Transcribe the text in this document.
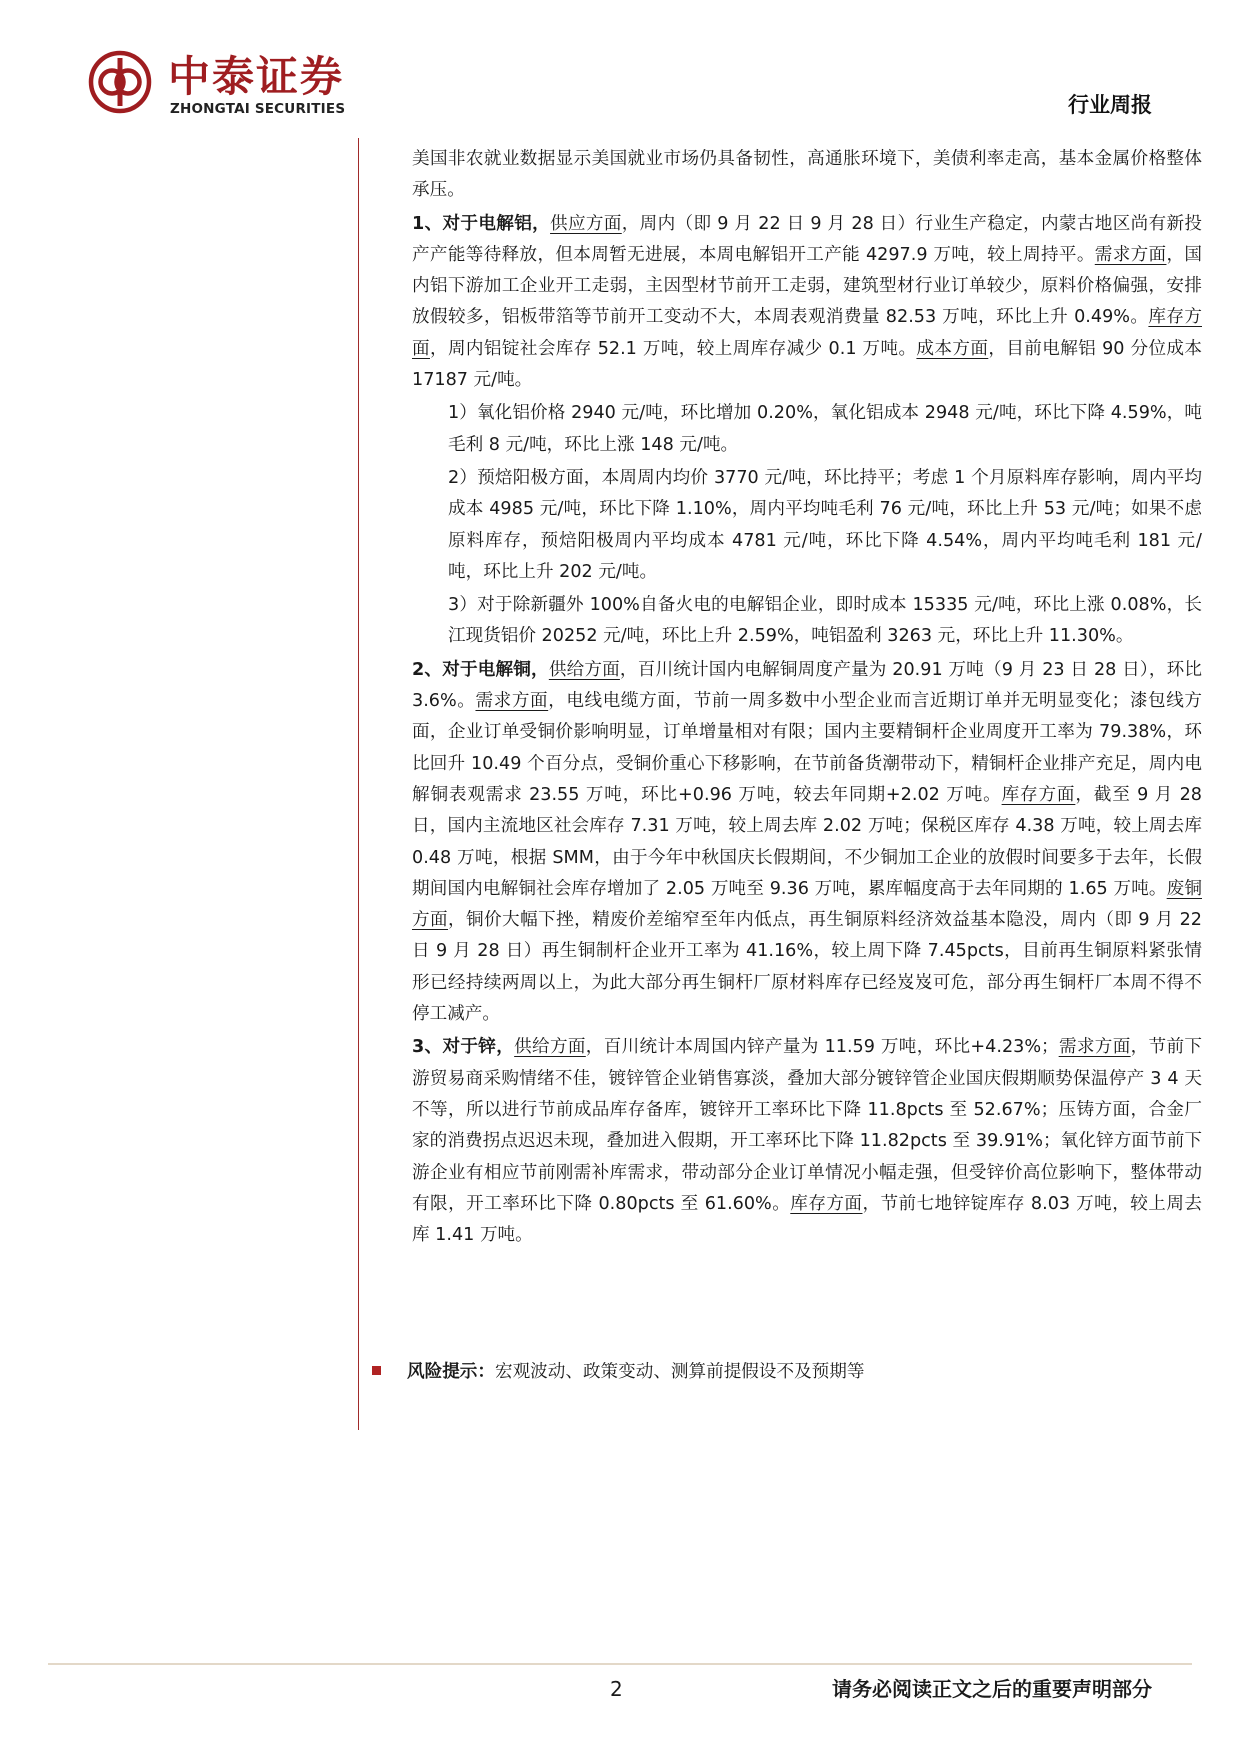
中泰证券
ZHONGTAI SECURITIES	行业周报

美国非农就业数据显示美国就业市场仍具备韧性，高通胀环境下，美债利率走高，基本金属价格整体承压。

1、对于电解铝，供应方面，周内（即 9 月 22 日 9 月 28 日）行业生产稳定，内蒙古地区尚有新投产产能等待释放，但本周暂无进展，本周电解铝开工产能 4297.9 万吨，较上周持平。需求方面，国内铝下游加工企业开工走弱，主因型材节前开工走弱，建筑型材行业订单较少，原料价格偏强，安排放假较多，铝板带箔等节前开工变动不大，本周表观消费量 82.53 万吨，环比上升 0.49%。库存方面，周内铝锭社会库存 52.1 万吨，较上周库存减少 0.1 万吨。成本方面，目前电解铝 90 分位成本 17187 元/吨。

1）氧化铝价格 2940 元/吨，环比增加 0.20%，氧化铝成本 2948 元/吨，环比下降 4.59%，吨毛利 8 元/吨，环比上涨 148 元/吨。

2）预焙阳极方面，本周周内均价 3770 元/吨，环比持平；考虑 1 个月原料库存影响，周内平均成本 4985 元/吨，环比下降 1.10%，周内平均吨毛利 76 元/吨，环比上升 53 元/吨；如果不虑原料库存，预焙阳极周内平均成本 4781 元/吨，环比下降 4.54%，周内平均吨毛利 181 元/吨，环比上升 202 元/吨。

3）对于除新疆外 100%自备火电的电解铝企业，即时成本 15335 元/吨，环比上涨 0.08%，长江现货铝价 20252 元/吨，环比上升 2.59%，吨铝盈利 3263 元，环比上升 11.30%。

2、对于电解铜，供给方面，百川统计国内电解铜周度产量为 20.91 万吨（9 月 23 日 28 日），环比 3.6%。需求方面，电线电缆方面，节前一周多数中小型企业而言近期订单并无明显变化；漆包线方面，企业订单受铜价影响明显，订单增量相对有限；国内主要精铜杆企业周度开工率为 79.38%，环比回升 10.49 个百分点，受铜价重心下移影响，在节前备货潮带动下，精铜杆企业排产充足，周内电解铜表观需求 23.55 万吨，环比+0.96 万吨，较去年同期+2.02 万吨。库存方面，截至 9 月 28 日，国内主流地区社会库存 7.31 万吨，较上周去库 2.02 万吨；保税区库存 4.38 万吨，较上周去库 0.48 万吨，根据 SMM，由于今年中秋国庆长假期间，不少铜加工企业的放假时间要多于去年，长假期间国内电解铜社会库存增加了 2.05 万吨至 9.36 万吨，累库幅度高于去年同期的 1.65 万吨。废铜方面，铜价大幅下挫，精废价差缩窄至年内低点，再生铜原料经济效益基本隐没，周内（即 9 月 22 日 9 月 28 日）再生铜制杆企业开工率为 41.16%，较上周下降 7.45pcts，目前再生铜原料紧张情形已经持续两周以上，为此大部分再生铜杆厂原材料库存已经岌岌可危，部分再生铜杆厂本周不得不停工减产。

3、对于锌，供给方面，百川统计本周国内锌产量为 11.59 万吨，环比+4.23%；需求方面，节前下游贸易商采购情绪不佳，镀锌管企业销售寡淡，叠加大部分镀锌管企业国庆假期顺势保温停产 3 4 天不等，所以进行节前成品库存备库，镀锌开工率环比下降 11.8pcts 至 52.67%；压铸方面，合金厂家的消费拐点迟迟未现，叠加进入假期，开工率环比下降 11.82pcts 至 39.91%；氧化锌方面节前下游企业有相应节前刚需补库需求，带动部分企业订单情况小幅走强，但受锌价高位影响下，整体带动有限，开工率环比下降 0.80pcts 至 61.60%。库存方面，节前七地锌锭库存 8.03 万吨，较上周去库 1.41 万吨。

风险提示：宏观波动、政策变动、测算前提假设不及预期等
2	请务必阅读正文之后的重要声明部分
